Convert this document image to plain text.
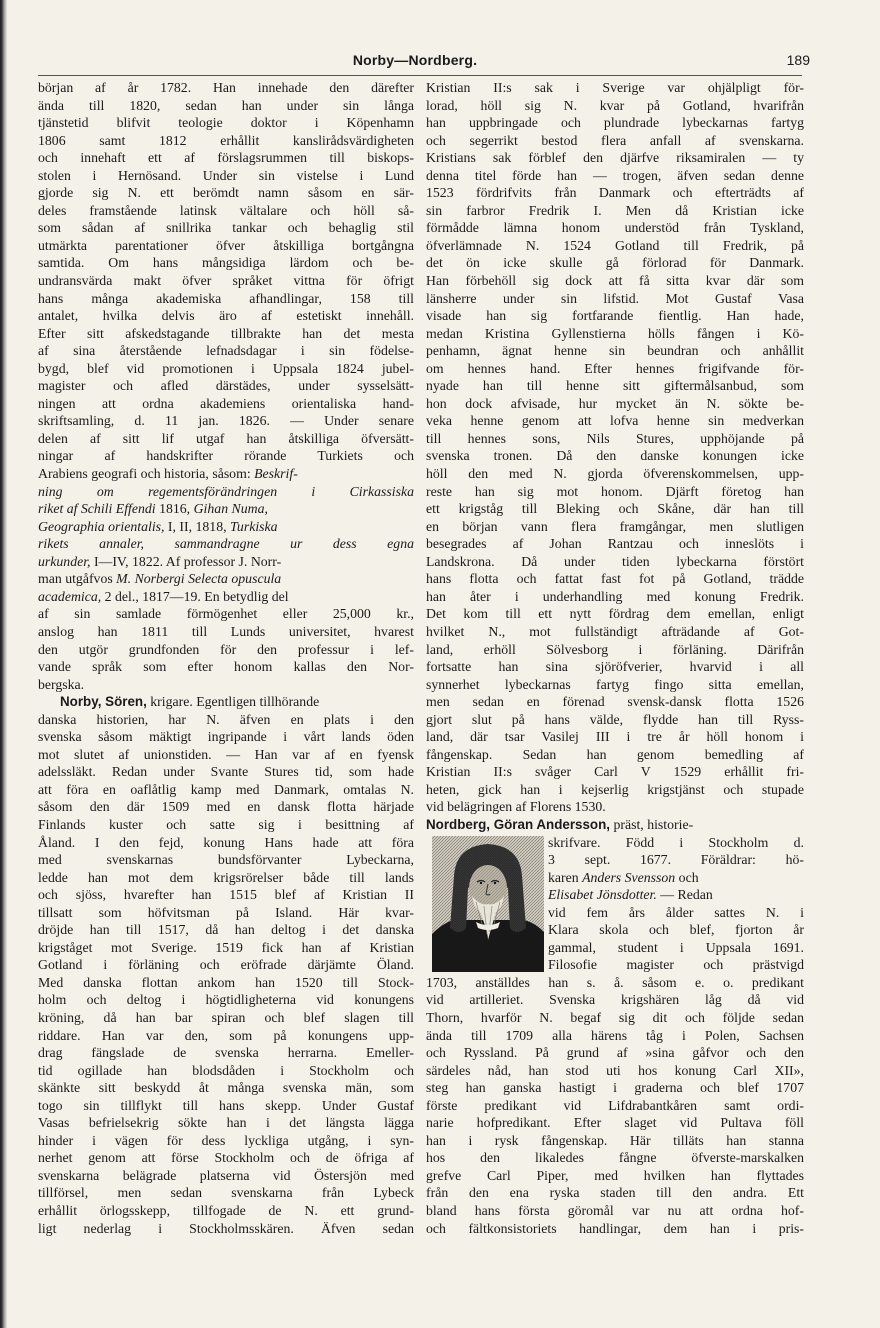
Norby—Nordberg.	189
början af år 1782. Han innehade den därefter
ända till 1820, sedan han under sin långa
tjänstetid blifvit teologie doktor i Köpenhamn
1806 samt 1812 erhållit kanslirådsvärdigheten
och innehaft ett af förslagsrummen till biskops-
stolen i Hernösand. Under sin vistelse i Lund
gjorde sig N. ett berömdt namn såsom en sär-
deles framstående latinsk vältalare och höll så-
som sådan af snillrika tankar och behaglig stil
utmärkta parentationer öfver åtskilliga bortgångna
samtida. Om hans mångsidiga lärdom och be-
undransvärda makt öfver språket vittna för öfrigt
hans många akademiska afhandlingar, 158 till
antalet, hvilka delvis äro af estetiskt innehåll.
Efter sitt afskedstagande tillbrakte han det mesta
af sina återstående lefnadsdagar i sin födelse-
bygd, blef vid promotionen i Uppsala 1824 jubel-
magister och afled därstädes, under sysselsätt-
ningen att ordna akademiens orientaliska hand-
skriftsamling, d. 11 jan. 1826. — Under senare
delen af sitt lif utgaf han åtskilliga öfversätt-
ningar af handskrifter rörande Turkiets och
Arabiens geografi och historia, såsom: Beskrif-
ning om regementsförändringen i Cirkassiska
riket af Schili Effendi 1816, Gihan Numa,
Geographia orientalis, I, II, 1818, Turkiska
rikets annaler, sammandragne ur dess egna
urkunder, I—IV, 1822. Af professor J. Norr-
man utgåfvos M. Norbergi Selecta opuscula
academica, 2 del., 1817—19. En betydlig del
af sin samlade förmögenhet eller 25,000 kr.,
anslog han 1811 till Lunds universitet, hvarest
den utgör grundfonden för den professur i lef-
vande språk som efter honom kallas den Nor-
bergska.
Norby, Sören, krigare. Egentligen tillhörande
danska historien, har N. äfven en plats i den
svenska såsom mäktigt ingripande i vårt lands öden
mot slutet af unionstiden. — Han var af en fyensk
adelssläkt. Redan under Svante Stures tid, som hade
att föra en oaflåtlig kamp med Danmark, omtalas N.
såsom den där 1509 med en dansk flotta härjade
Finlands kuster och satte sig i besittning af
Åland. I den fejd, konung Hans hade att föra
med svenskarnas bundsförvanter Lybeckarna,
ledde han mot dem krigsrörelser både till lands
och sjöss, hvarefter han 1515 blef af Kristian II
tillsatt som höfvitsman på Island. Här kvar-
dröjde han till 1517, då han deltog i det danska
krigståget mot Sverige. 1519 fick han af Kristian
Gotland i förläning och eröfrade därjämte Öland.
Med danska flottan ankom han 1520 till Stock-
holm och deltog i högtidligheterna vid konungens
kröning, då han bar spiran och blef slagen till
riddare. Han var den, som på konungens upp-
drag fängslade de svenska herrarna. Emeller-
tid ogillade han blodsdåden i Stockholm och
skänkte sitt beskydd åt många svenska män, som
togo sin tillflykt till hans skepp. Under Gustaf
Vasas befrielsekrig sökte han i det längsta lägga
hinder i vägen för dess lyckliga utgång, i syn-
nerhet genom att förse Stockholm och de öfriga af
svenskarna belägrade platserna vid Östersjön med
tillförsel, men sedan svenskarna från Lybeck
erhållit örlogsskepp, tillfogade de N. ett grund-
ligt nederlag i Stockholmsskären. Äfven sedan
Kristian II:s sak i Sverige var ohjälpligt för-
lorad, höll sig N. kvar på Gotland, hvarifrån
han uppbringade och plundrade lybeckarnas fartyg
och segerrikt bestod flera anfall af svenskarna.
Kristians sak förblef den djärfve riksamiralen — ty
denna titel förde han — trogen, äfven sedan denne
1523 fördrifvits från Danmark och efterträdts af
sin farbror Fredrik I. Men då Kristian icke
förmådde lämna honom understöd från Tyskland,
öfverlämnade N. 1524 Gotland till Fredrik, på
det ön icke skulle gå förlorad för Danmark.
Han förbehöll sig dock att få sitta kvar där som
länsherre under sin lifstid. Mot Gustaf Vasa
visade han sig fortfarande fientlig. Han hade,
medan Kristina Gyllenstierna hölls fången i Kö-
penhamn, ägnat henne sin beundran och anhållit
om hennes hand. Efter hennes frigifvande för-
nyade han till henne sitt giftermålsanbud, som
hon dock afvisade, hur mycket än N. sökte be-
veka henne genom att lofva henne sin medverkan
till hennes sons, Nils Stures, upphöjande på
svenska tronen. Då den danske konungen icke
höll den med N. gjorda öfverenskommelsen, upp-
reste han sig mot honom. Djärft företog han
ett krigståg till Bleking och Skåne, där han till
en början vann flera framgångar, men slutligen
besegrades af Johan Rantzau och inneslöts i
Landskrona. Då under tiden lybeckarna förstört
hans flotta och fattat fast fot på Gotland, trädde
han åter i underhandling med konung Fredrik.
Det kom till ett nytt fördrag dem emellan, enligt
hvilket N., mot fullständigt afträdande af Got-
land, erhöll Sölvesborg i förläning. Därifrån
fortsatte han sina sjöröfverier, hvarvid i all
synnerhet lybeckarnas fartyg fingo sitta emellan,
men sedan en förenad svensk-dansk flotta 1526
gjort slut på hans välde, flydde han till Ryss-
land, där tsar Vasilej III i tre år höll honom i
fångenskap. Sedan han genom bemedling af
Kristian II:s svåger Carl V 1529 erhållit fri-
heten, gick han i kejserlig krigstjänst och stupade
vid belägringen af Florens 1530.
Nordberg, Göran Andersson, präst, historie-
skrifvare. Född i Stockholm d.
3 sept. 1677. Föräldrar: hö-
karen Anders Svensson och
Elisabet Jönsdotter. — Redan
vid fem års ålder sattes N. i
Klara skola och blef, fjorton år
gammal, student i Uppsala 1691.
Filosofie magister och prästvigd
1703, anställdes han s. å. såsom e. o. predikant
vid artilleriet. Svenska krigshären låg då vid
Thorn, hvarför N. begaf sig dit och följde sedan
ända till 1709 alla härens tåg i Polen, Sachsen
och Ryssland. På grund af »sina gåfvor och den
särdeles nåd, han stod uti hos konung Carl XII»,
steg han ganska hastigt i graderna och blef 1707
förste predikant vid Lifdrabantkåren samt ordi-
narie hofpredikant. Efter slaget vid Pultava föll
han i rysk fångenskap. Här tilläts han stanna
hos den likaledes fångne öfverste-marskalken
grefve Carl Piper, med hvilken han flyttades
från den ena ryska staden till den andra. Ett
bland hans första göromål var nu att ordna hof-
och fältkonsistoriets handlingar, dem han i pris-
